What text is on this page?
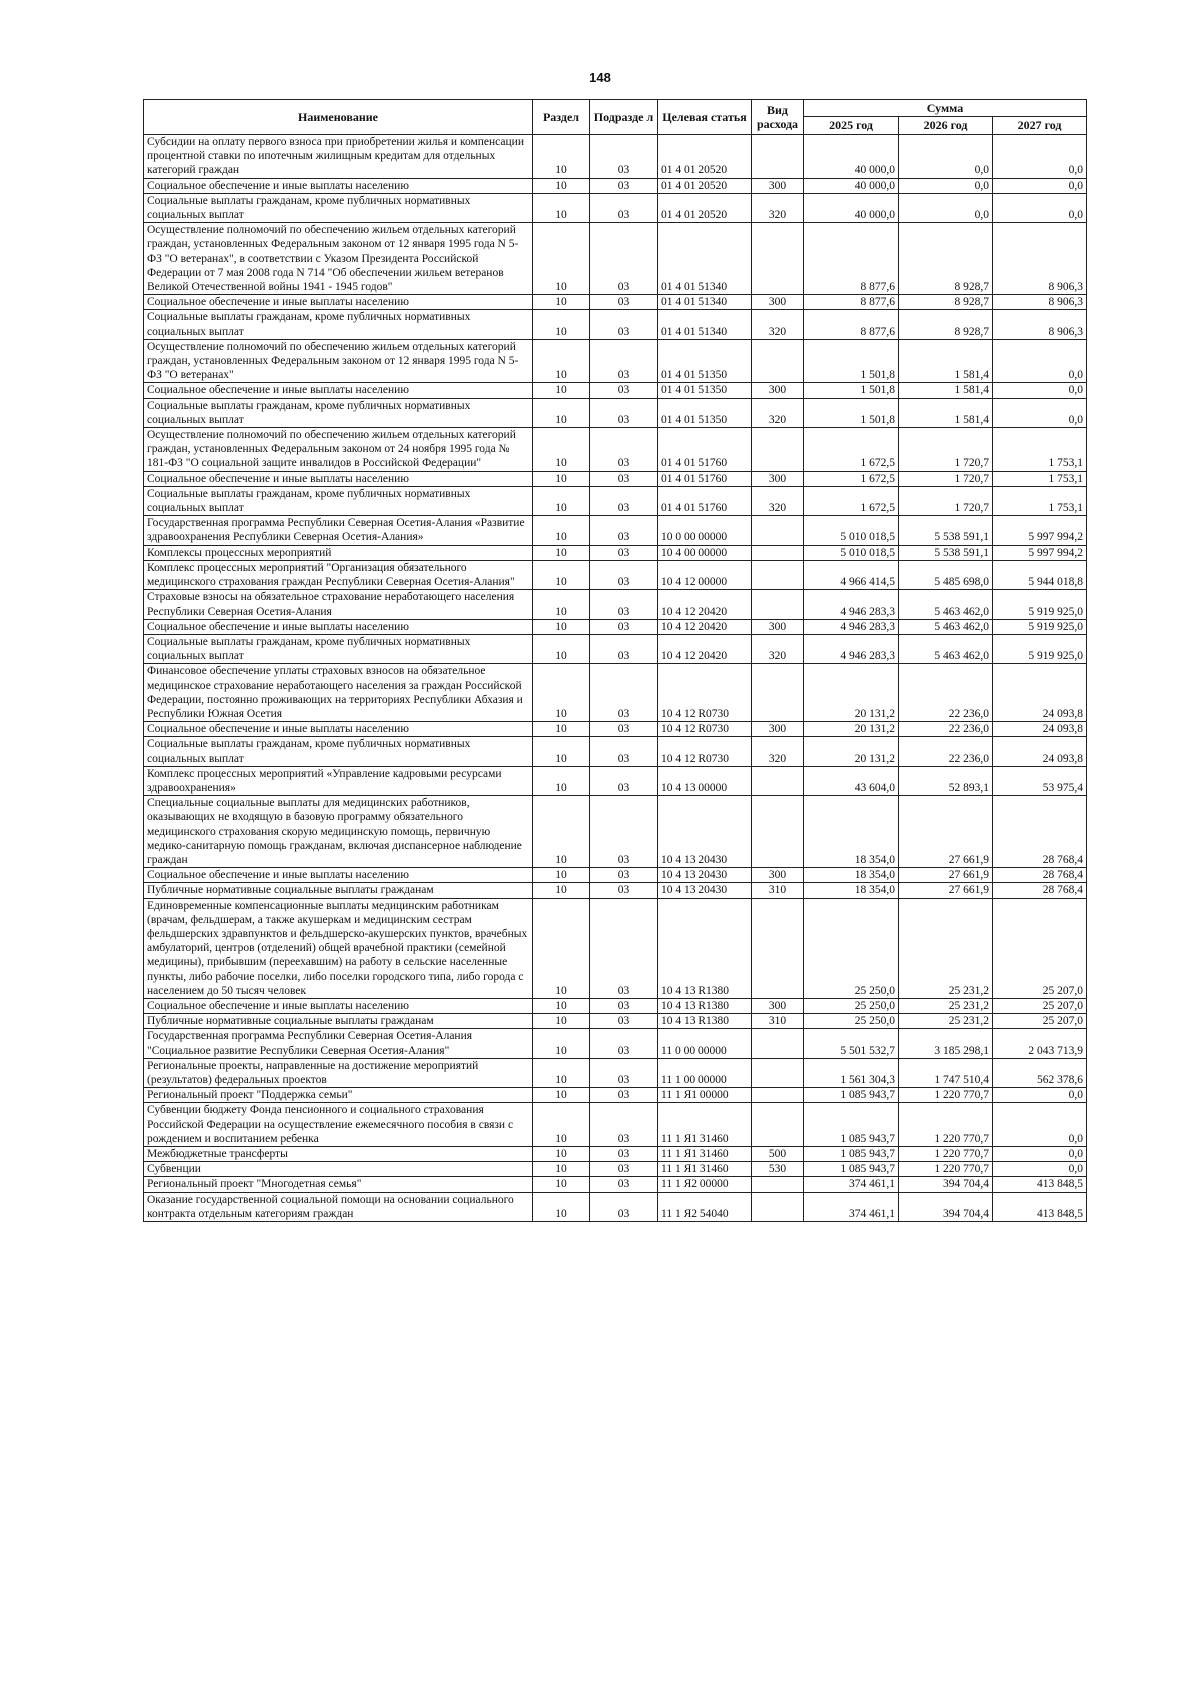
148
Наименование	Раздел	Подразде л	Целевая статья	Вид расхода	Сумма		
					2025 год	2026 год	2027 год
Субсидии на оплату первого взноса при приобретении жилья и компенсации процентной ставки по ипотечным жилищным кредитам для отдельных категорий граждан	10	03	01 4 01 20520		40 000,0	0,0	0,0
Социальное обеспечение и иные выплаты населению	10	03	01 4 01 20520	300	40 000,0	0,0	0,0
Социальные выплаты гражданам, кроме публичных нормативных социальных выплат	10	03	01 4 01 20520	320	40 000,0	0,0	0,0
Осуществление полномочий по обеспечению жильем отдельных категорий граждан, установленных Федеральным законом от 12 января 1995 года N 5-ФЗ "О ветеранах", в соответствии с Указом Президента Российской Федерации от 7 мая 2008 года N 714 "Об обеспечении жильем ветеранов Великой Отечественной войны 1941 - 1945 годов"	10	03	01 4 01 51340		8 877,6	8 928,7	8 906,3
Социальное обеспечение и иные выплаты населению	10	03	01 4 01 51340	300	8 877,6	8 928,7	8 906,3
Социальные выплаты гражданам, кроме публичных нормативных социальных выплат	10	03	01 4 01 51340	320	8 877,6	8 928,7	8 906,3
Осуществление полномочий по обеспечению жильем отдельных категорий граждан, установленных Федеральным законом от 12 января 1995 года N 5-ФЗ "О ветеранах"	10	03	01 4 01 51350		1 501,8	1 581,4	0,0
Социальное обеспечение и иные выплаты населению	10	03	01 4 01 51350	300	1 501,8	1 581,4	0,0
Социальные выплаты гражданам, кроме публичных нормативных социальных выплат	10	03	01 4 01 51350	320	1 501,8	1 581,4	0,0
Осуществление полномочий по обеспечению жильем отдельных категорий граждан, установленных Федеральным законом от 24 ноября 1995 года № 181-ФЗ "О социальной защите инвалидов в Российской Федерации"	10	03	01 4 01 51760		1 672,5	1 720,7	1 753,1
Социальное обеспечение и иные выплаты населению	10	03	01 4 01 51760	300	1 672,5	1 720,7	1 753,1
Социальные выплаты гражданам, кроме публичных нормативных социальных выплат	10	03	01 4 01 51760	320	1 672,5	1 720,7	1 753,1
Государственная программа Республики Северная Осетия-Алания «Развитие здравоохранения Республики Северная Осетия-Алания»	10	03	10 0 00 00000		5 010 018,5	5 538 591,1	5 997 994,2
Комплексы процессных мероприятий	10	03	10 4 00 00000		5 010 018,5	5 538 591,1	5 997 994,2
Комплекс процессных мероприятий "Организация обязательного медицинского страхования граждан Республики Северная Осетия-Алания"	10	03	10 4 12 00000		4 966 414,5	5 485 698,0	5 944 018,8
Страховые взносы на обязательное страхование неработающего населения Республики Северная Осетия-Алания	10	03	10 4 12 20420		4 946 283,3	5 463 462,0	5 919 925,0
Социальное обеспечение и иные выплаты населению	10	03	10 4 12 20420	300	4 946 283,3	5 463 462,0	5 919 925,0
Социальные выплаты гражданам, кроме публичных нормативных социальных выплат	10	03	10 4 12 20420	320	4 946 283,3	5 463 462,0	5 919 925,0
Финансовое обеспечение уплаты страховых взносов на обязательное медицинское страхование неработающего населения за граждан Российской Федерации, постоянно проживающих на территориях Республики Абхазия и Республики Южная Осетия	10	03	10 4 12 R0730		20 131,2	22 236,0	24 093,8
Социальное обеспечение и иные выплаты населению	10	03	10 4 12 R0730	300	20 131,2	22 236,0	24 093,8
Социальные выплаты гражданам, кроме публичных нормативных социальных выплат	10	03	10 4 12 R0730	320	20 131,2	22 236,0	24 093,8
Комплекс процессных мероприятий «Управление кадровыми ресурсами здравоохранения»	10	03	10 4 13 00000		43 604,0	52 893,1	53 975,4
Специальные социальные выплаты для медицинских работников, оказывающих не входящую в базовую программу обязательного медицинского страхования скорую медицинскую помощь, первичную медико-санитарную помощь гражданам, включая диспансерное наблюдение граждан	10	03	10 4 13 20430		18 354,0	27 661,9	28 768,4
Социальное обеспечение и иные выплаты населению	10	03	10 4 13 20430	300	18 354,0	27 661,9	28 768,4
Публичные нормативные социальные выплаты гражданам	10	03	10 4 13 20430	310	18 354,0	27 661,9	28 768,4
Единовременные компенсационные выплаты медицинским работникам (врачам, фельдшерам, а также акушеркам и медицинским сестрам фельдшерских здравпунктов и фельдшерско-акушерских пунктов, врачебных амбулаторий, центров (отделений) общей врачебной практики (семейной медицины), прибывшим (переехавшим) на работу в сельские населенные пункты, либо рабочие поселки, либо поселки городского типа, либо города с населением до 50 тысяч человек	10	03	10 4 13 R1380		25 250,0	25 231,2	25 207,0
Социальное обеспечение и иные выплаты населению	10	03	10 4 13 R1380	300	25 250,0	25 231,2	25 207,0
Публичные нормативные социальные выплаты гражданам	10	03	10 4 13 R1380	310	25 250,0	25 231,2	25 207,0
Государственная программа Республики Северная Осетия-Алания "Социальное развитие Республики Северная Осетия-Алания"	10	03	11 0 00 00000		5 501 532,7	3 185 298,1	2 043 713,9
Региональные проекты, направленные на достижение мероприятий (результатов) федеральных проектов	10	03	11 1 00 00000		1 561 304,3	1 747 510,4	562 378,6
Региональный проект "Поддержка семьи"	10	03	11 1 Я1 00000		1 085 943,7	1 220 770,7	0,0
Субвенции бюджету Фонда пенсионного и социального страхования Российской Федерации на осуществление ежемесячного пособия в связи с рождением и воспитанием ребенка	10	03	11 1 Я1 31460		1 085 943,7	1 220 770,7	0,0
Межбюджетные трансферты	10	03	11 1 Я1 31460	500	1 085 943,7	1 220 770,7	0,0
Субвенции	10	03	11 1 Я1 31460	530	1 085 943,7	1 220 770,7	0,0
Региональный проект "Многодетная семья"	10	03	11 1 Я2 00000		374 461,1	394 704,4	413 848,5
Оказание государственной социальной помощи на основании социального контракта отдельным категориям граждан	10	03	11 1 Я2 54040		374 461,1	394 704,4	413 848,5
